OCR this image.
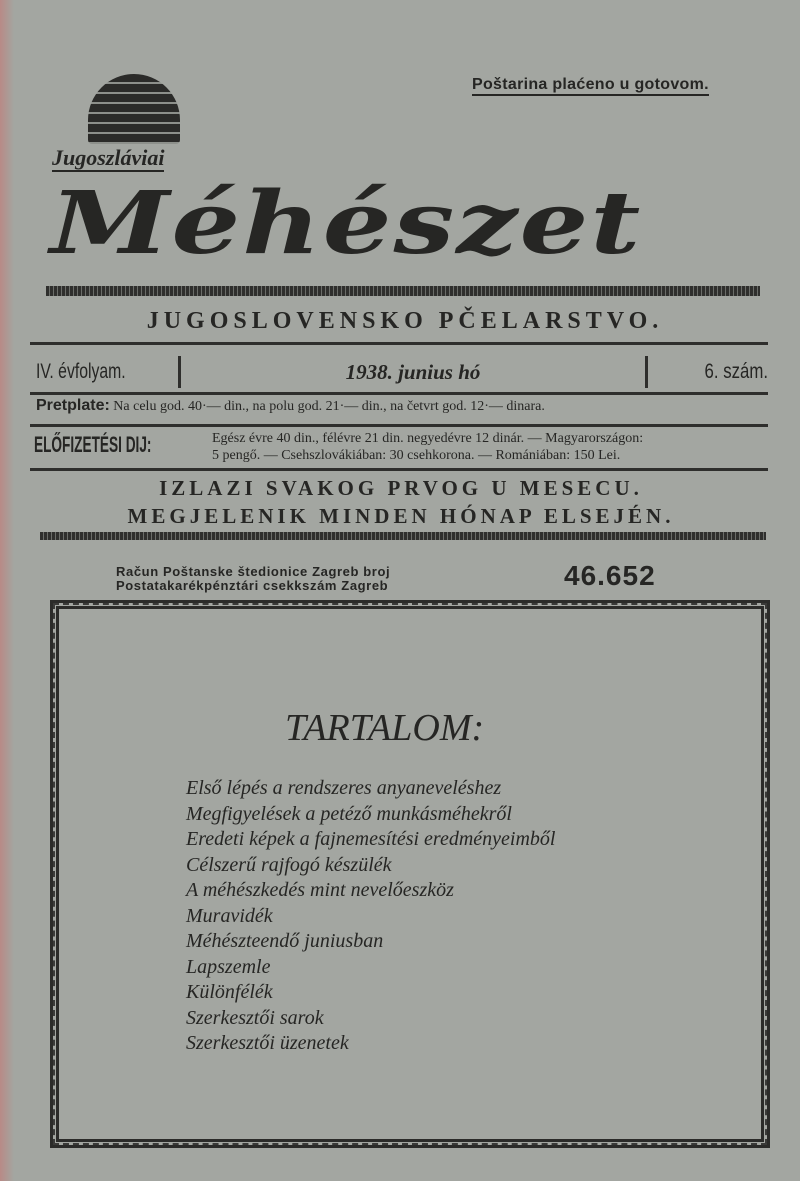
Poštarina plaćeno u gotovom.
Jugoszláviai
Méhészet
JUGOSLOVENSKO PČELARSTVO.
IV. évfolyam.	1938. junius hó	6. szám.
Pretplate: Na celu god. 40·— din., na polu god. 21·— din., na četvrt god. 12·— dinara.
ELŐFIZETÉSI DIJ:	Egész évre 40 din., félévre 21 din. negyedévre 12 dinár. — Magyarországon:
5 pengő. — Csehszlovákiában: 30 csehkorona. — Romániában: 150 Lei.
IZLAZI SVAKOG PRVOG U MESECU.
MEGJELENIK MINDEN HÓNAP ELSEJÉN.
Račun Poštanske štedionice Zagreb broj
Postatakarékpénztári csekkszám Zagreb	46.652
TARTALOM:
Első lépés a rendszeres anyaneveléshez
Megfigyelések a petéző munkásméhekről
Eredeti képek a fajnemesítési eredményeimből
Célszerű rajfogó készülék
A méhészkedés mint nevelőeszköz
Muravidék
Méhészteendő juniusban
Lapszemle
Különfélék
Szerkesztői sarok
Szerkesztői üzenetek
